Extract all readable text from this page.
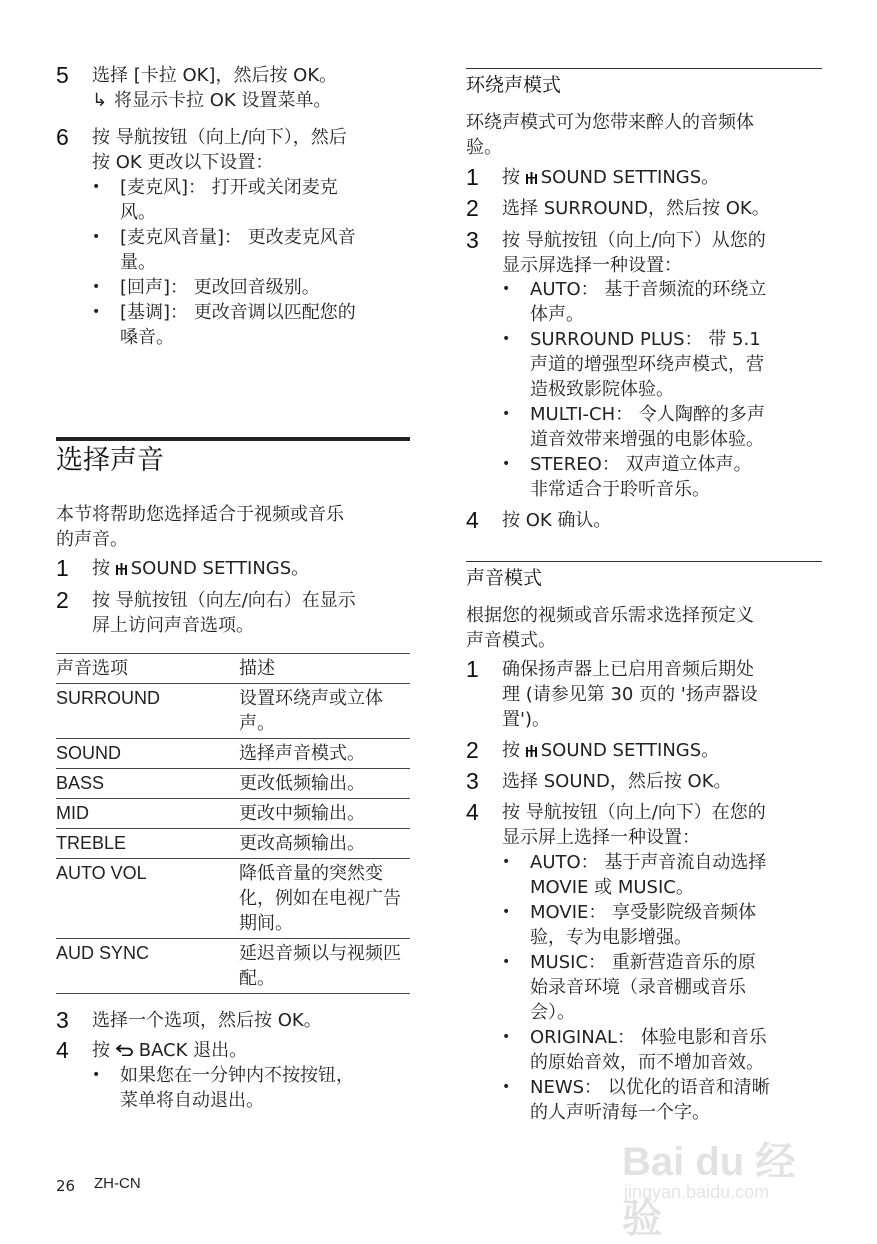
5 选择 [卡拉 OK]，然后按 OK。
↳ 将显示卡拉 OK 设置菜单。
6 按 导航按钮（向上/向下），然后
按 OK 更改以下设置：
• [麦克风]： 打开或关闭麦克
风。
• [麦克风音量]： 更改麦克风音
量。
• [回声]： 更改回音级别。
• [基调]： 更改音调以匹配您的
嗓音。
选择声音
本节将帮助您选择适合于视频或音乐
的声音。
1 按 SOUND SETTINGS。
2 按 导航按钮（向左/向右）在显示
屏上访问声音选项。
声音选项	描述
SURROUND	设置环绕声或立体声。
SOUND	选择声音模式。
BASS	更改低频输出。
MID	更改中频输出。
TREBLE	更改高频输出。
AUTO VOL	降低音量的突然变化，例如在电视广告期间。
AUD SYNC	延迟音频以与视频匹配。
3 选择一个选项，然后按 OK。
4 按 BACK 退出。
• 如果您在一分钟内不按按钮，
菜单将自动退出。
环绕声模式
环绕声模式可为您带来醉人的音频体
验。
1 按 SOUND SETTINGS。
2 选择 SURROUND，然后按 OK。
3 按 导航按钮（向上/向下）从您的
显示屏选择一种设置：
• AUTO： 基于音频流的环绕立
体声。
• SURROUND PLUS： 带 5.1
声道的增强型环绕声模式，营
造极致影院体验。
• MULTI-CH： 令人陶醉的多声
道音效带来增强的电影体验。
• STEREO： 双声道立体声。
非常适合于聆听音乐。
4 按 OK 确认。
声音模式
根据您的视频或音乐需求选择预定义
声音模式。
1 确保扬声器上已启用音频后期处
理 (请参见第 30 页的 '扬声器设
置')。
2 按 SOUND SETTINGS。
3 选择 SOUND，然后按 OK。
4 按 导航按钮（向上/向下）在您的
显示屏上选择一种设置：
• AUTO： 基于声音流自动选择
MOVIE 或 MUSIC。
• MOVIE： 享受影院级音频体
验，专为电影增强。
• MUSIC： 重新营造音乐的原
始录音环境（录音棚或音乐
会）。
• ORIGINAL： 体验电影和音乐
的原始音效，而不增加音效。
• NEWS： 以优化的语音和清晰
的人声听清每一个字。
26 ZH-CN	Bai du 经验
jingyan.baidu.com
